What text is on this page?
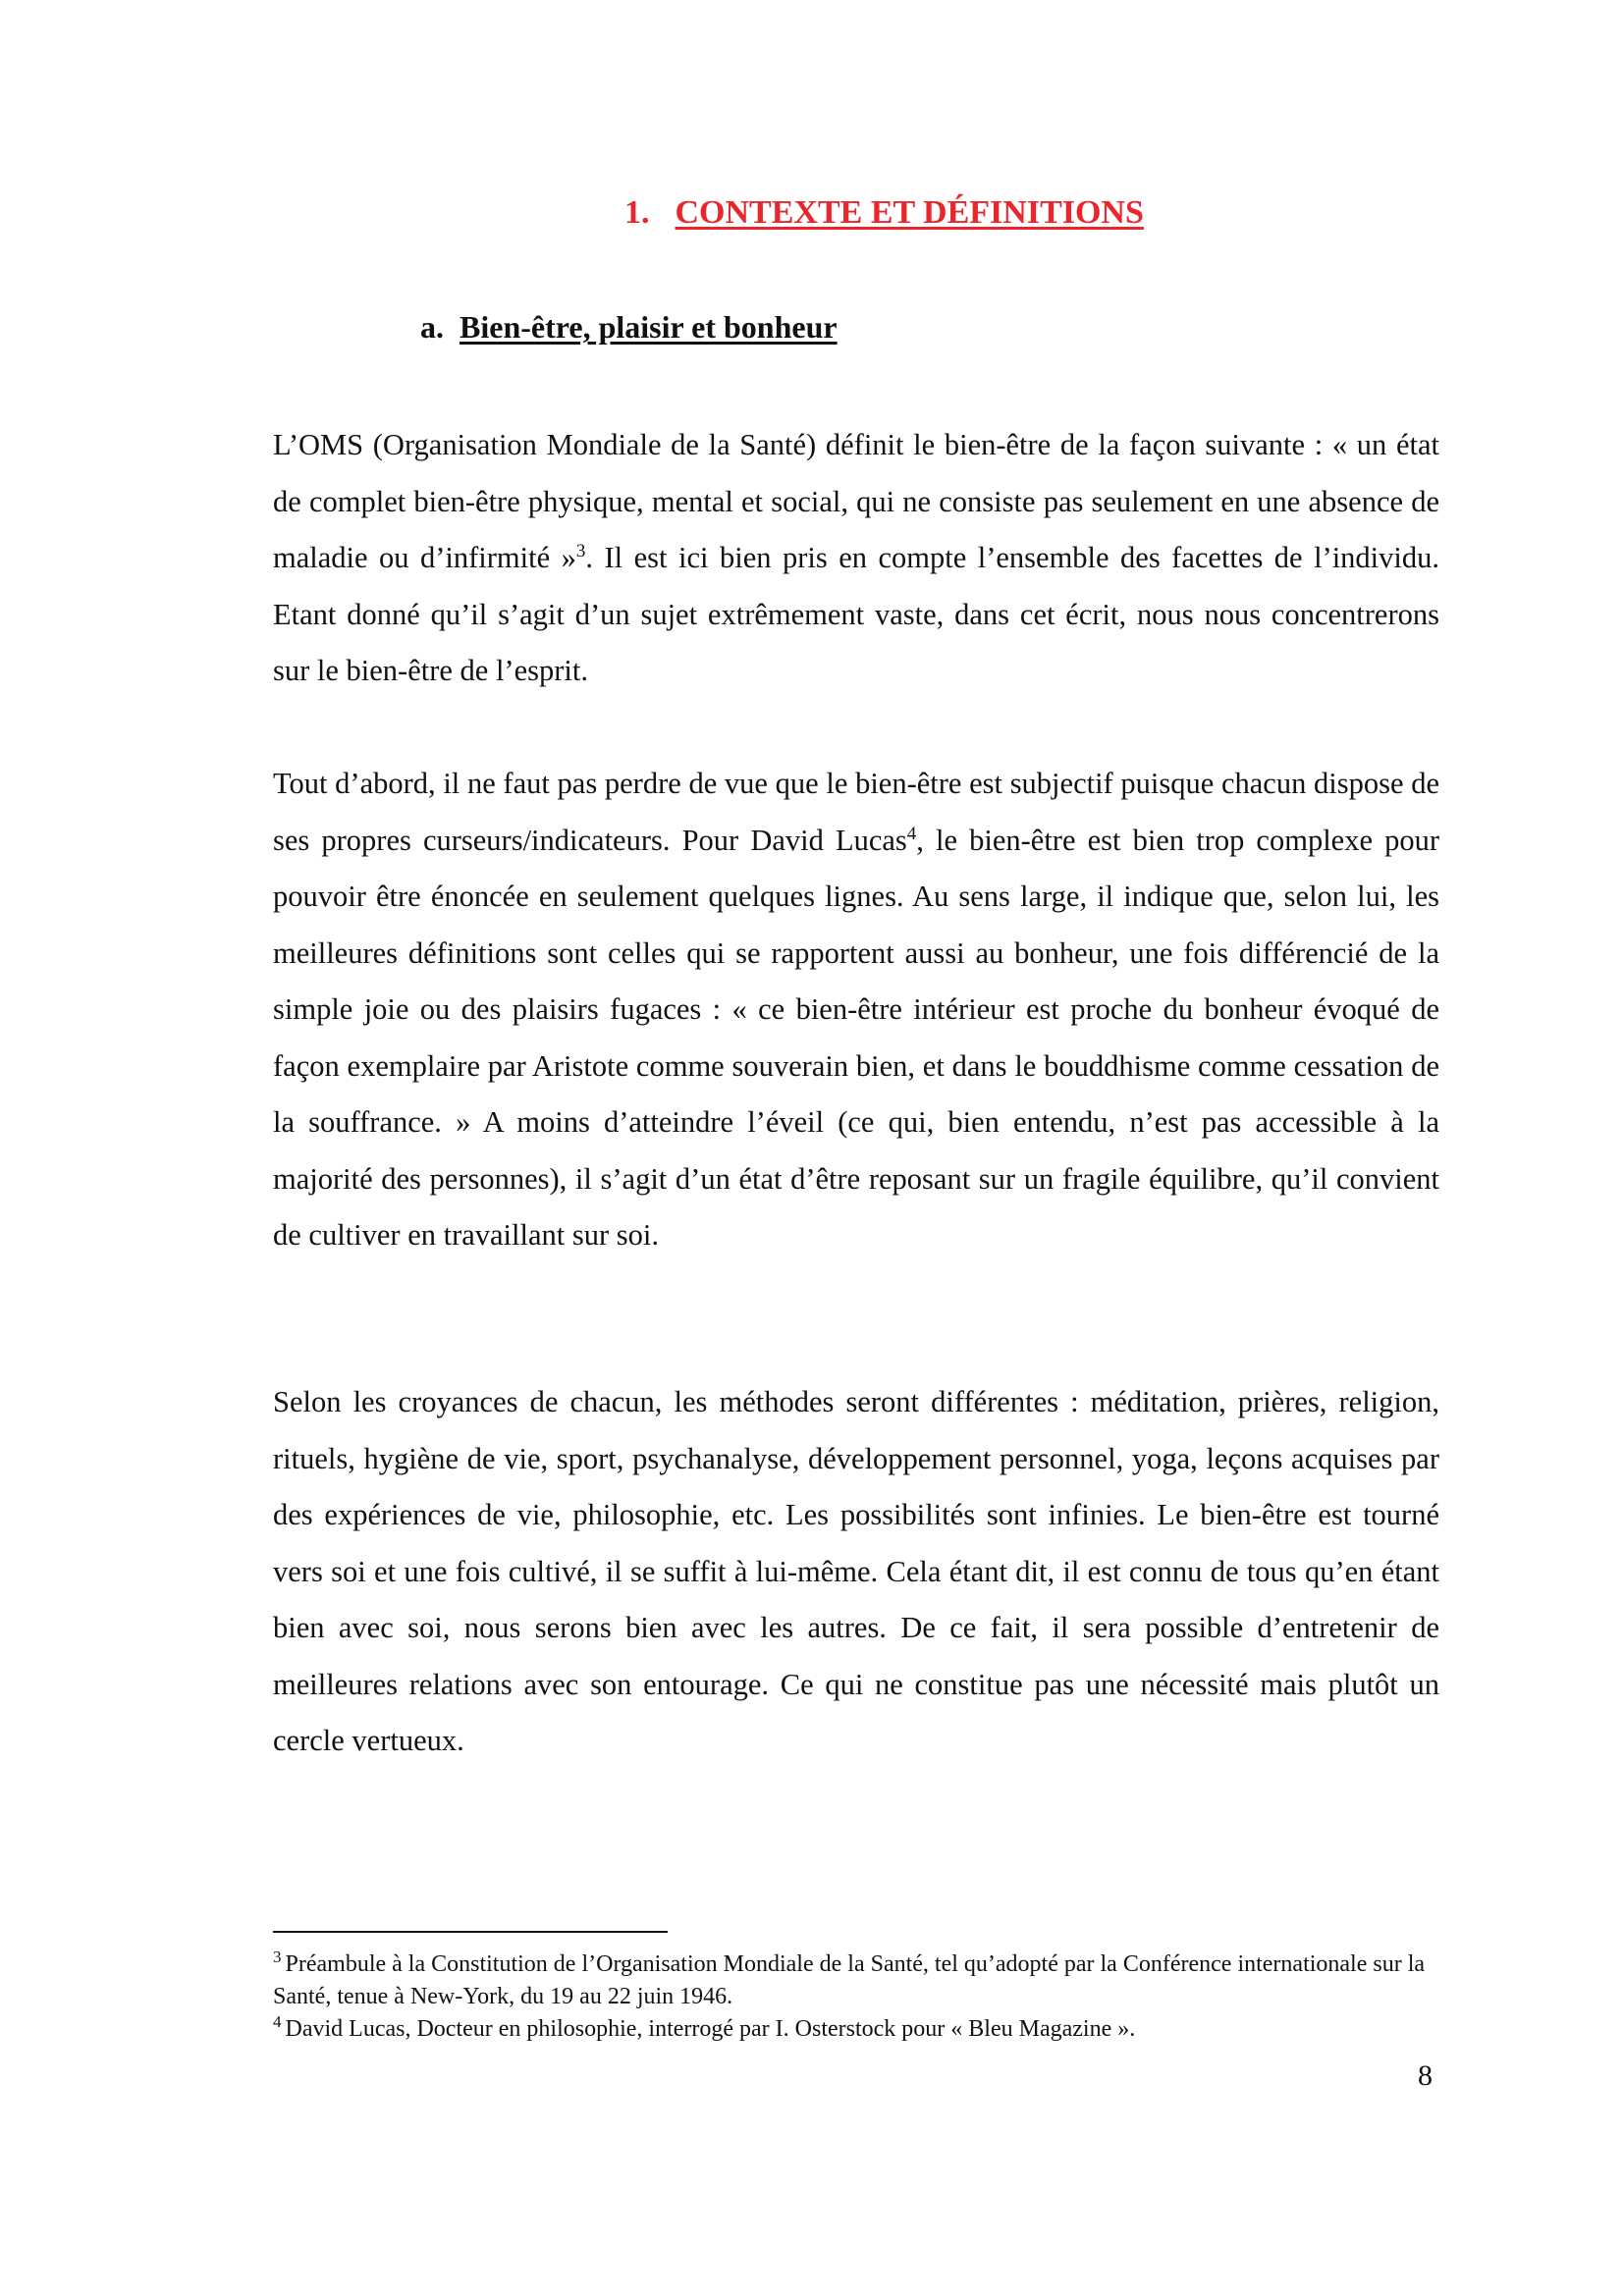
1. CONTEXTE ET DÉFINITIONS
a. Bien-être, plaisir et bonheur

L’OMS (Organisation Mondiale de la Santé) définit le bien-être de la façon suivante : « un état de complet bien-être physique, mental et social, qui ne consiste pas seulement en une absence de maladie ou d’infirmité »$^3$. Il est ici bien pris en compte l’ensemble des facettes de l’individu. Etant donné qu’il s’agit d’un sujet extrêmement vaste, dans cet écrit, nous nous concentrerons sur le bien-être de l’esprit.

Tout d’abord, il ne faut pas perdre de vue que le bien-être est subjectif puisque chacun dispose de ses propres curseurs/indicateurs. Pour David Lucas$^4$, le bien-être est bien trop complexe pour pouvoir être énoncée en seulement quelques lignes. Au sens large, il indique que, selon lui, les meilleures définitions sont celles qui se rapportent aussi au bonheur, une fois différencié de la simple joie ou des plaisirs fugaces : « ce bien-être intérieur est proche du bonheur évoqué de façon exemplaire par Aristote comme souverain bien, et dans le bouddhisme comme cessation de la souffrance. » A moins d’atteindre l’éveil (ce qui, bien entendu, n’est pas accessible à la majorité des personnes), il s’agit d’un état d’être reposant sur un fragile équilibre, qu’il convient de cultiver en travaillant sur soi.

Selon les croyances de chacun, les méthodes seront différentes : méditation, prières, religion, rituels, hygiène de vie, sport, psychanalyse, développement personnel, yoga, leçons acquises par des expériences de vie, philosophie, etc. Les possibilités sont infinies. Le bien-être est tourné vers soi et une fois cultivé, il se suffit à lui-même. Cela étant dit, il est connu de tous qu’en étant bien avec soi, nous serons bien avec les autres. De ce fait, il sera possible d’entretenir de meilleures relations avec son entourage. Ce qui ne constitue pas une nécessité mais plutôt un cercle vertueux.

$^3$ Préambule à la Constitution de l’Organisation Mondiale de la Santé, tel qu’adopté par la Conférence internationale sur la Santé, tenue à New-York, du 19 au 22 juin 1946.

$^4$ David Lucas, Docteur en philosophie, interrogé par I. Osterstock pour « Bleu Magazine ».

8
